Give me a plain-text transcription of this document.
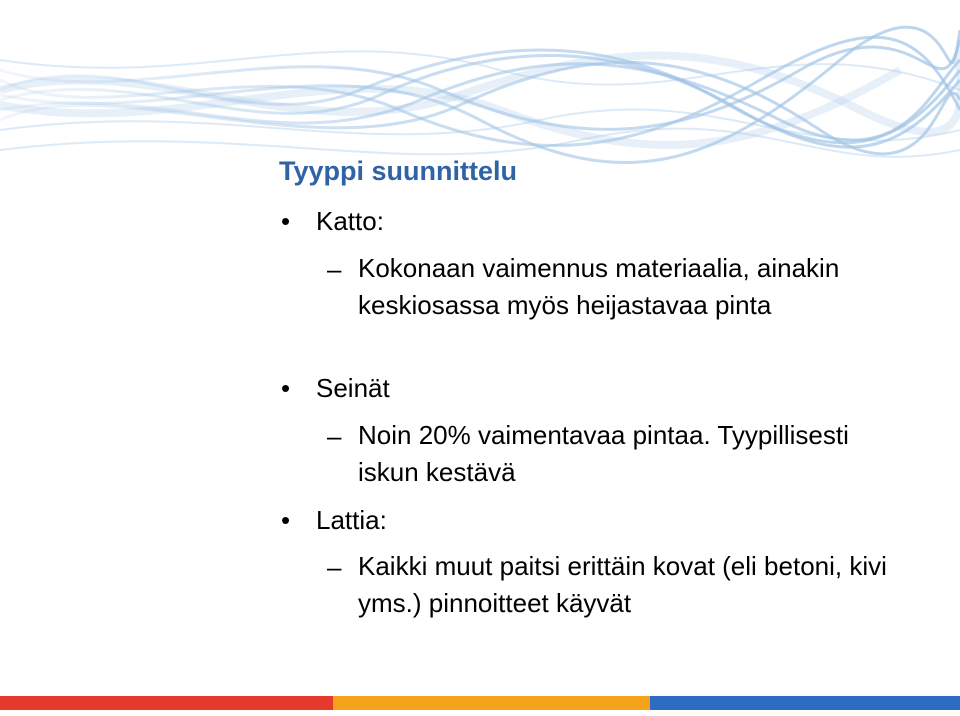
Tyyppi suunnittelu
• Katto:
– Kokonaan vaimennus materiaalia, ainakin keskiosassa myös heijastavaa pinta
• Seinät
– Noin 20% vaimentavaa pintaa. Tyypillisesti iskun kestävä
• Lattia:
– Kaikki muut paitsi erittäin kovat (eli betoni, kivi yms.) pinnoitteet käyvät
